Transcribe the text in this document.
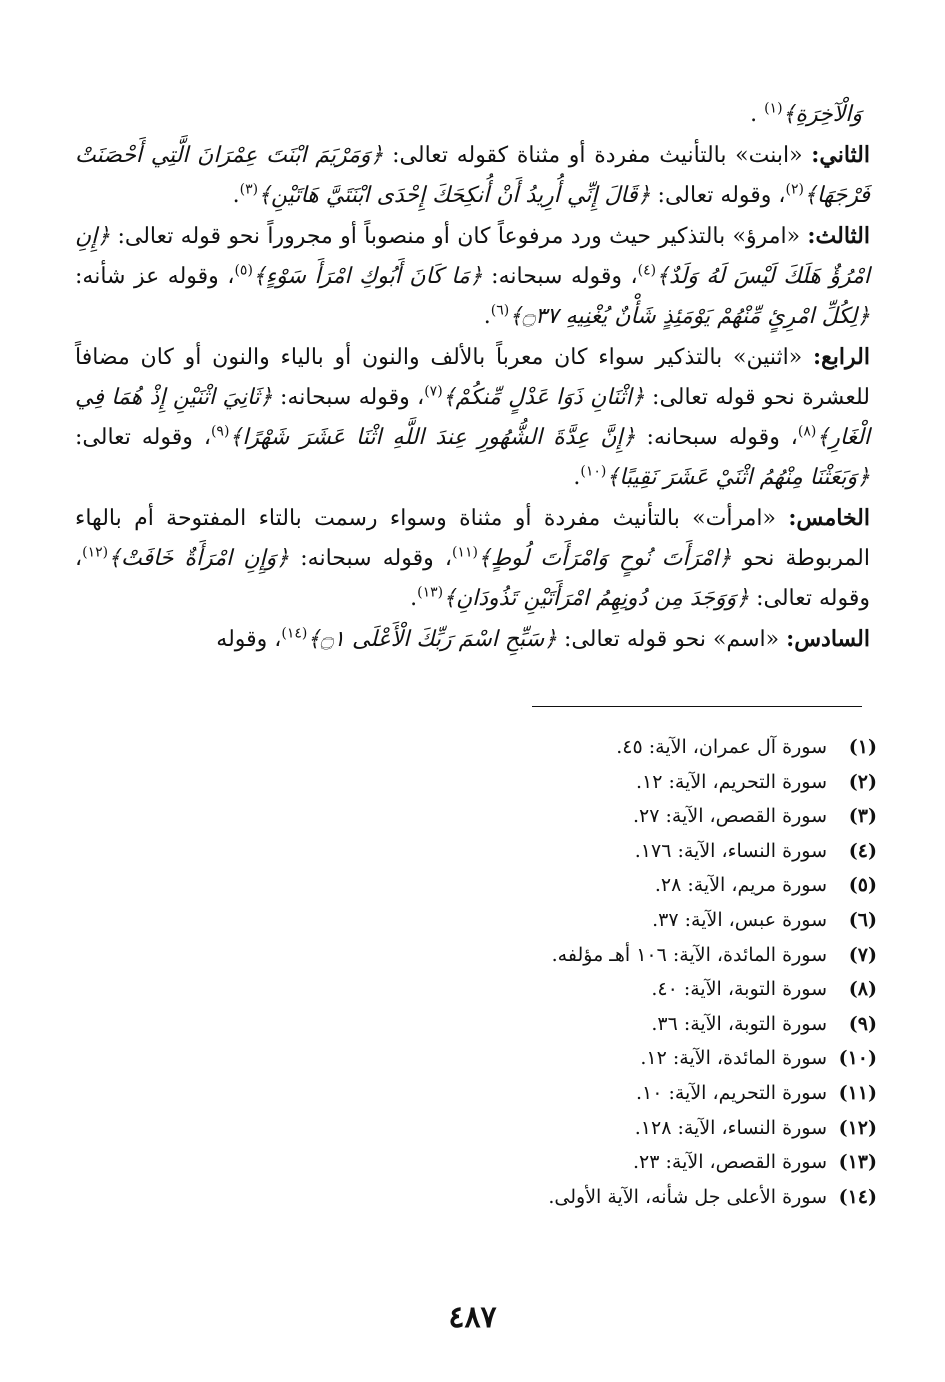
وَالْآخِرَةِ﴾$^{(١)}$ .
الثاني: «ابنت» بالتأنيث مفردة أو مثناة كقوله تعالى: ﴿وَمَرْيَمَ ابْنَتَ عِمْرَانَ الَّتِي أَحْصَنَتْ فَرْجَهَا﴾$^{(٢)}$، وقوله تعالى: ﴿قَالَ إِنِّي أُرِيدُ أَنْ أُنكِحَكَ إِحْدَى ابْنَتَيَّ هَاتَيْنِ﴾$^{(٣)}$.
الثالث: «امرؤ» بالتذكير حيث ورد مرفوعاً كان أو منصوباً أو مجروراً نحو قوله تعالى: ﴿إِنِ امْرُؤٌ هَلَكَ لَيْسَ لَهُ وَلَدٌ﴾$^{(٤)}$، وقوله سبحانه: ﴿مَا كَانَ أَبُوكِ امْرَأَ سَوْءٍ﴾$^{(٥)}$، وقوله عز شأنه: ﴿لِكُلِّ امْرِئٍ مِّنْهُمْ يَوْمَئِذٍ شَأْنٌ يُغْنِيهِ ۝٣٧﴾$^{(٦)}$.
الرابع: «اثنين» بالتذكير سواء كان معرباً بالألف والنون أو بالياء والنون أو كان مضافاً للعشرة نحو قوله تعالى: ﴿اثْنَانِ ذَوَا عَدْلٍ مِّنكُمْ﴾$^{(٧)}$، وقوله سبحانه: ﴿ثَانِيَ اثْنَيْنِ إِذْ هُمَا فِي الْغَارِ﴾$^{(٨)}$، وقوله سبحانه: ﴿إِنَّ عِدَّةَ الشُّهُورِ عِندَ اللَّهِ اثْنَا عَشَرَ شَهْرًا﴾$^{(٩)}$، وقوله تعالى: ﴿وَبَعَثْنَا مِنْهُمُ اثْنَيْ عَشَرَ نَقِيبًا﴾$^{(١٠)}$.
الخامس: «امرأت» بالتأنيث مفردة أو مثناة وسواء رسمت بالتاء المفتوحة أم بالهاء المربوطة نحو ﴿امْرَأَتَ نُوحٍ وَامْرَأَتَ لُوطٍ﴾$^{(١١)}$، وقوله سبحانه: ﴿وَإِنِ امْرَأَةٌ خَافَتْ﴾$^{(١٢)}$، وقوله تعالى: ﴿وَوَجَدَ مِن دُونِهِمُ امْرَأَتَيْنِ تَذُودَانِ﴾$^{(١٣)}$.
السادس: «اسم» نحو قوله تعالى: ﴿سَبِّحِ اسْمَ رَبِّكَ الْأَعْلَى ۝١﴾$^{(١٤)}$، وقوله
(١)سورة آل عمران، الآية: ٤٥.
(٢)سورة التحريم، الآية: ١٢.
(٣)سورة القصص، الآية: ٢٧.
(٤)سورة النساء، الآية: ١٧٦.
(٥)سورة مريم، الآية: ٢٨.
(٦)سورة عبس، الآية: ٣٧.
(٧)سورة المائدة، الآية: ١٠٦ أهـ مؤلفه.
(٨)سورة التوبة، الآية: ٤٠.
(٩)سورة التوبة، الآية: ٣٦.
(١٠)سورة المائدة، الآية: ١٢.
(١١)سورة التحريم، الآية: ١٠.
(١٢)سورة النساء، الآية: ١٢٨.
(١٣)سورة القصص، الآية: ٢٣.
(١٤)سورة الأعلى جل شأنه، الآية الأولى.
٤٨٧
